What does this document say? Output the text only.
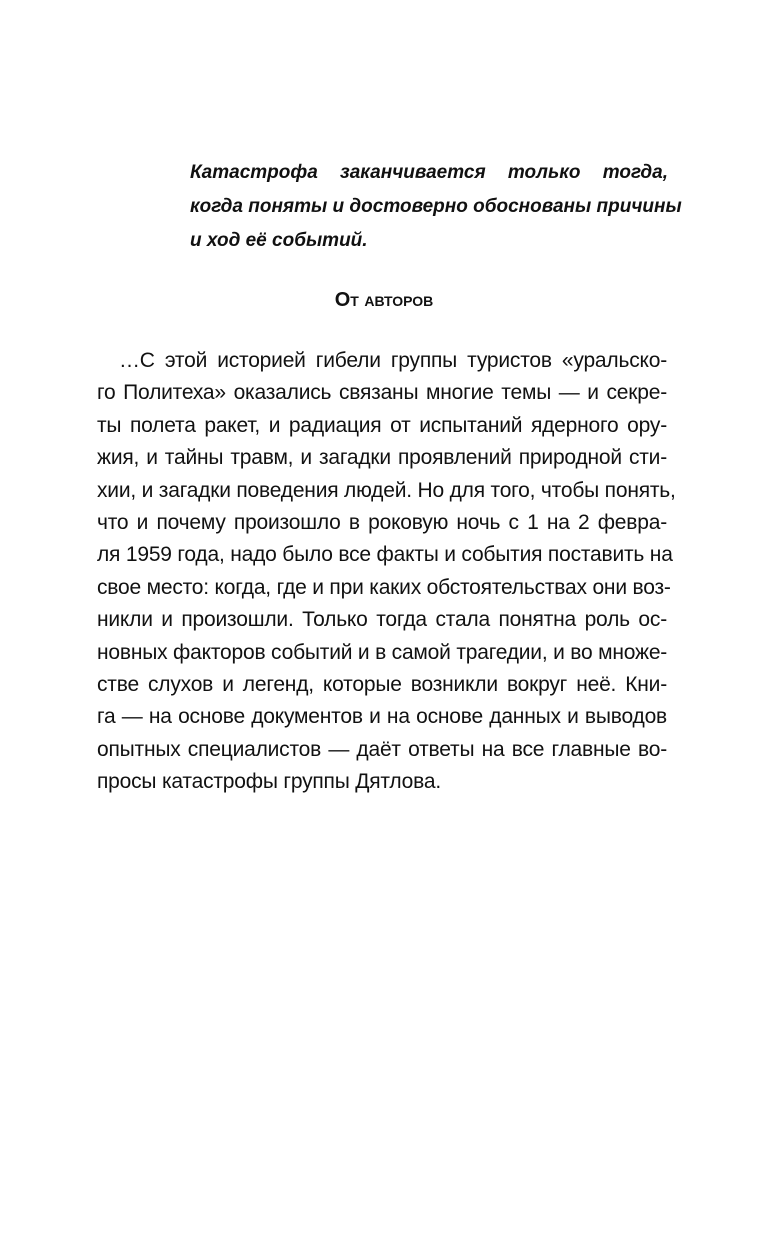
Катастрофа заканчивается только тогда,
когда поняты и достоверно обоснованы причины
и ход её событий.
От авторов
…С этой историей гибели группы туристов «уральско-
го Политеха» оказались связаны многие темы — и секре-
ты полета ракет, и радиация от испытаний ядерного ору-
жия, и тайны травм, и загадки проявлений природной сти-
хии, и загадки поведения людей. Но для того, чтобы понять,
что и почему произошло в роковую ночь с 1 на 2 февра-
ля 1959 года, надо было все факты и события поставить на
свое место: когда, где и при каких обстоятельствах они воз-
никли и произошли. Только тогда стала понятна роль ос-
новных факторов событий и в самой трагедии, и во множе-
стве слухов и легенд, которые возникли вокруг неё. Кни-
га — на основе документов и на основе данных и выводов
опытных специалистов — даёт ответы на все главные во-
просы катастрофы группы Дятлова.
